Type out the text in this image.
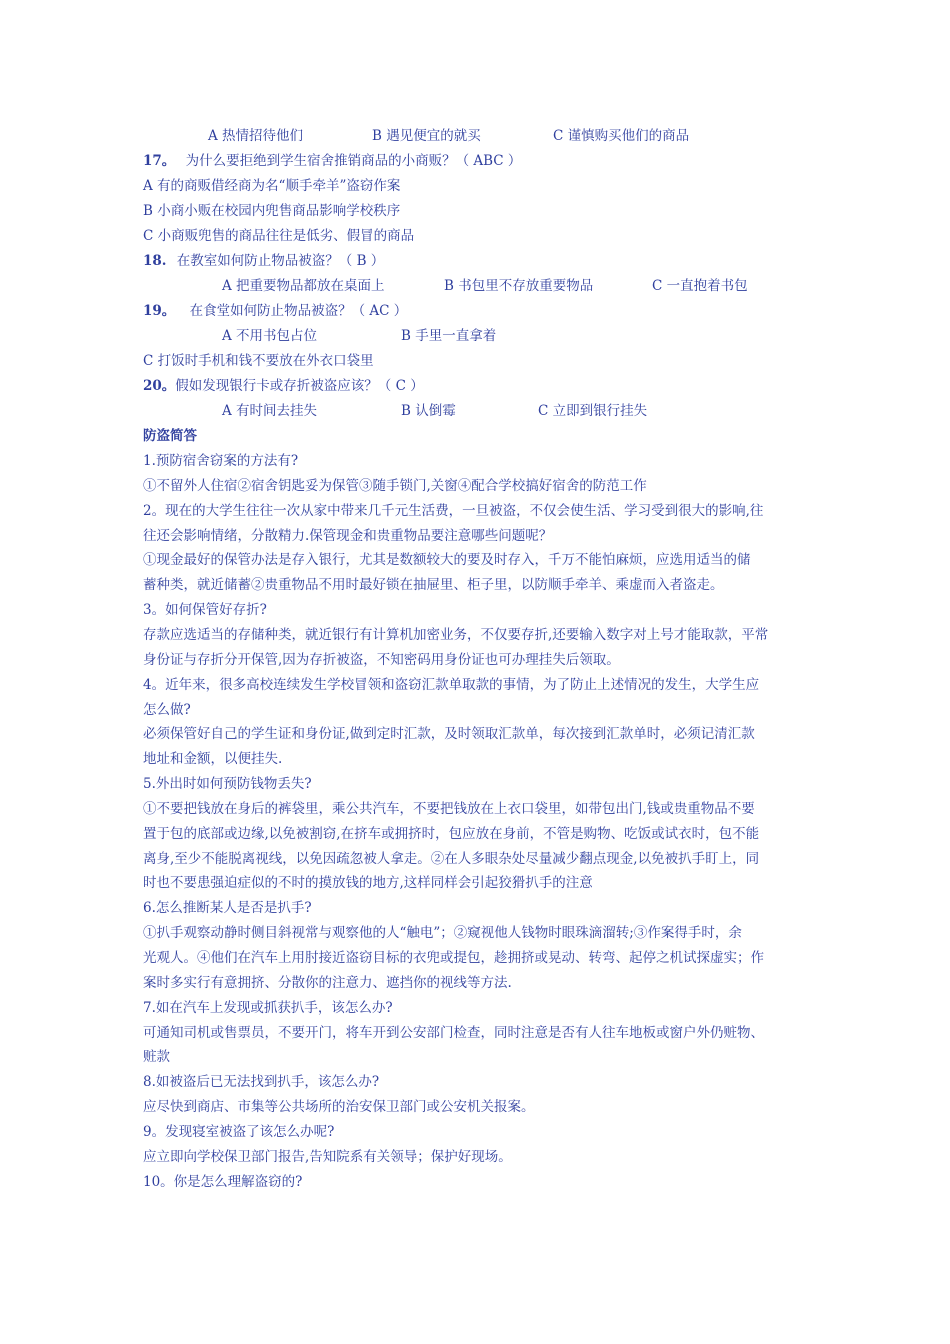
A 热情招待他们	B 遇见便宜的就买	C 谨慎购买他们的商品
17。 为什么要拒绝到学生宿舍推销商品的小商贩？（ ABC ）
A 有的商贩借经商为名“顺手牵羊”盗窃作案
B 小商小贩在校园内兜售商品影响学校秩序
C 小商贩兜售的商品往往是低劣、假冒的商品
18. 在教室如何防止物品被盗？（ B ）
A 把重要物品都放在桌面上	B 书包里不存放重要物品	C 一直抱着书包
19。 在食堂如何防止物品被盗？（ AC ）
A 不用书包占位	B 手里一直拿着
C 打饭时手机和钱不要放在外衣口袋里
20。假如发现银行卡或存折被盗应该？（ C ）
A 有时间去挂失	B 认倒霉	C 立即到银行挂失
防盗简答
1.预防宿舍窃案的方法有?
①不留外人住宿②宿舍钥匙妥为保管③随手锁门,关窗④配合学校搞好宿舍的防范工作
2。现在的大学生往往一次从家中带来几千元生活费，一旦被盗，不仅会使生活、学习受到很大的影响,往
往还会影响情绪，分散精力.保管现金和贵重物品要注意哪些问题呢？
①现金最好的保管办法是存入银行，尤其是数额较大的要及时存入，千万不能怕麻烦，应选用适当的储
蓄种类，就近储蓄②贵重物品不用时最好锁在抽屉里、柜子里，以防顺手牵羊、乘虚而入者盗走。
3。如何保管好存折?
存款应选适当的存储种类，就近银行有计算机加密业务，不仅要存折,还要输入数字对上号才能取款，平常
身份证与存折分开保管,因为存折被盗，不知密码用身份证也可办理挂失后领取。
4。近年来，很多高校连续发生学校冒领和盗窃汇款单取款的事情，为了防止上述情况的发生，大学生应
怎么做?
必须保管好自己的学生证和身份证,做到定时汇款，及时领取汇款单，每次接到汇款单时，必须记清汇款
地址和金额，以便挂失.
5.外出时如何预防钱物丢失?
①不要把钱放在身后的裤袋里，乘公共汽车，不要把钱放在上衣口袋里，如带包出门,钱或贵重物品不要
置于包的底部或边缘,以免被割窃,在挤车或拥挤时，包应放在身前，不管是购物、吃饭或试衣时，包不能
离身,至少不能脱离视线，以免因疏忽被人拿走。②在人多眼杂处尽量减少翻点现金,以免被扒手盯上，同
时也不要患强迫症似的不时的摸放钱的地方,这样同样会引起狡猾扒手的注意
6.怎么推断某人是否是扒手?
①扒手观察动静时侧目斜视常与观察他的人“触电”；②窥视他人钱物时眼珠滴溜转;③作案得手时，余
光观人。④他们在汽车上用肘接近盗窃目标的衣兜或提包，趁拥挤或晃动、转弯、起停之机试探虚实；作
案时多实行有意拥挤、分散你的注意力、遮挡你的视线等方法.
7.如在汽车上发现或抓获扒手，该怎么办?
可通知司机或售票员，不要开门，将车开到公安部门检查，同时注意是否有人往车地板或窗户外仍赃物、
赃款
8.如被盗后已无法找到扒手，该怎么办?
应尽快到商店、市集等公共场所的治安保卫部门或公安机关报案。
9。发现寝室被盗了该怎么办呢?
应立即向学校保卫部门报告,告知院系有关领导；保护好现场。
10。你是怎么理解盗窃的?
